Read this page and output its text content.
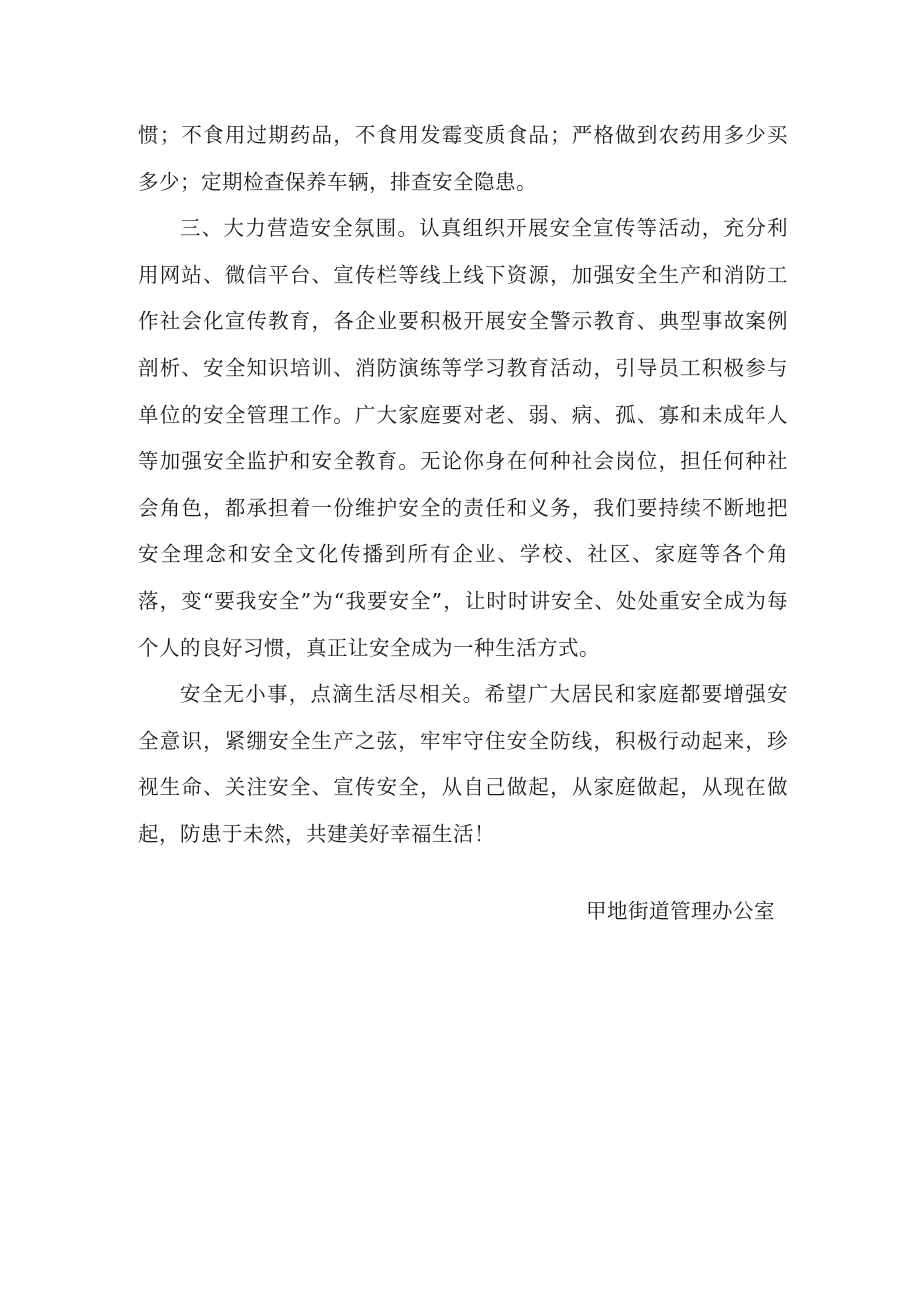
惯；不食用过期药品，不食用发霉变质食品；严格做到农药用多少买多少；定期检查保养车辆，排查安全隐患。

三、大力营造安全氛围。认真组织开展安全宣传等活动，充分利用网站、微信平台、宣传栏等线上线下资源，加强安全生产和消防工作社会化宣传教育，各企业要积极开展安全警示教育、典型事故案例剖析、安全知识培训、消防演练等学习教育活动，引导员工积极参与单位的安全管理工作。广大家庭要对老、弱、病、孤、寡和未成年人等加强安全监护和安全教育。无论你身在何种社会岗位，担任何种社会角色，都承担着一份维护安全的责任和义务，我们要持续不断地把安全理念和安全文化传播到所有企业、学校、社区、家庭等各个角落，变“要我安全”为“我要安全”，让时时讲安全、处处重安全成为每个人的良好习惯，真正让安全成为一种生活方式。

安全无小事，点滴生活尽相关。希望广大居民和家庭都要增强安全意识，紧绷安全生产之弦，牢牢守住安全防线，积极行动起来，珍视生命、关注安全、宣传安全，从自己做起，从家庭做起，从现在做起，防患于未然，共建美好幸福生活！

甲地街道管理办公室
